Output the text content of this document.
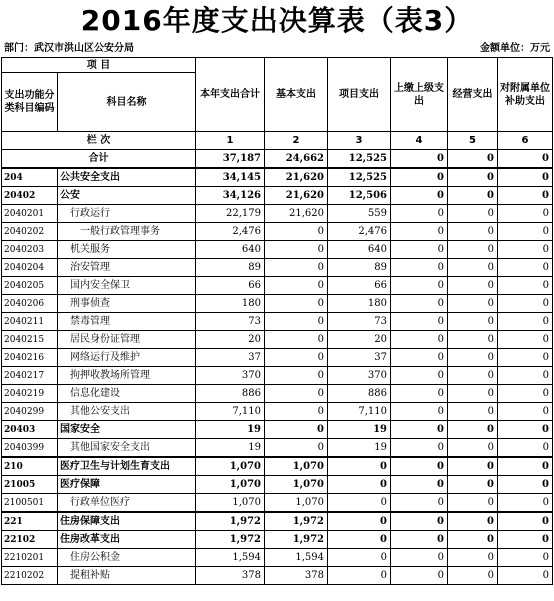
2016年度支出决算表（表3）
部门：武汉市洪山区公安分局	金额单位：万元
项 目		本年支出合计	基本支出	项目支出	上缴上级支出	经营支出	对附属单位补助支出
支出功能分类科目编码	科目名称						
栏 次		1	2	3	4	5	6
合计		37,187	24,662	12,525	0	0	0
204	公共安全支出	34,145	21,620	12,525	0	0	0
20402	公安	34,126	21,620	12,506	0	0	0
2040201	行政运行	22,179	21,620	559	0	0	0
2040202	一般行政管理事务	2,476	0	2,476	0	0	0
2040203	机关服务	640	0	640	0	0	0
2040204	治安管理	89	0	89	0	0	0
2040205	国内安全保卫	66	0	66	0	0	0
2040206	刑事侦查	180	0	180	0	0	0
2040211	禁毒管理	73	0	73	0	0	0
2040215	居民身份证管理	20	0	20	0	0	0
2040216	网络运行及维护	37	0	37	0	0	0
2040217	拘押收教场所管理	370	0	370	0	0	0
2040219	信息化建设	886	0	886	0	0	0
2040299	其他公安支出	7,110	0	7,110	0	0	0
20403	国家安全	19	0	19	0	0	0
2040399	其他国家安全支出	19	0	19	0	0	0
210	医疗卫生与计划生育支出	1,070	1,070	0	0	0	0
21005	医疗保障	1,070	1,070	0	0	0	0
2100501	行政单位医疗	1,070	1,070	0	0	0	0
221	住房保障支出	1,972	1,972	0	0	0	0
22102	住房改革支出	1,972	1,972	0	0	0	0
2210201	住房公积金	1,594	1,594	0	0	0	0
2210202	提租补贴	378	378	0	0	0	0
